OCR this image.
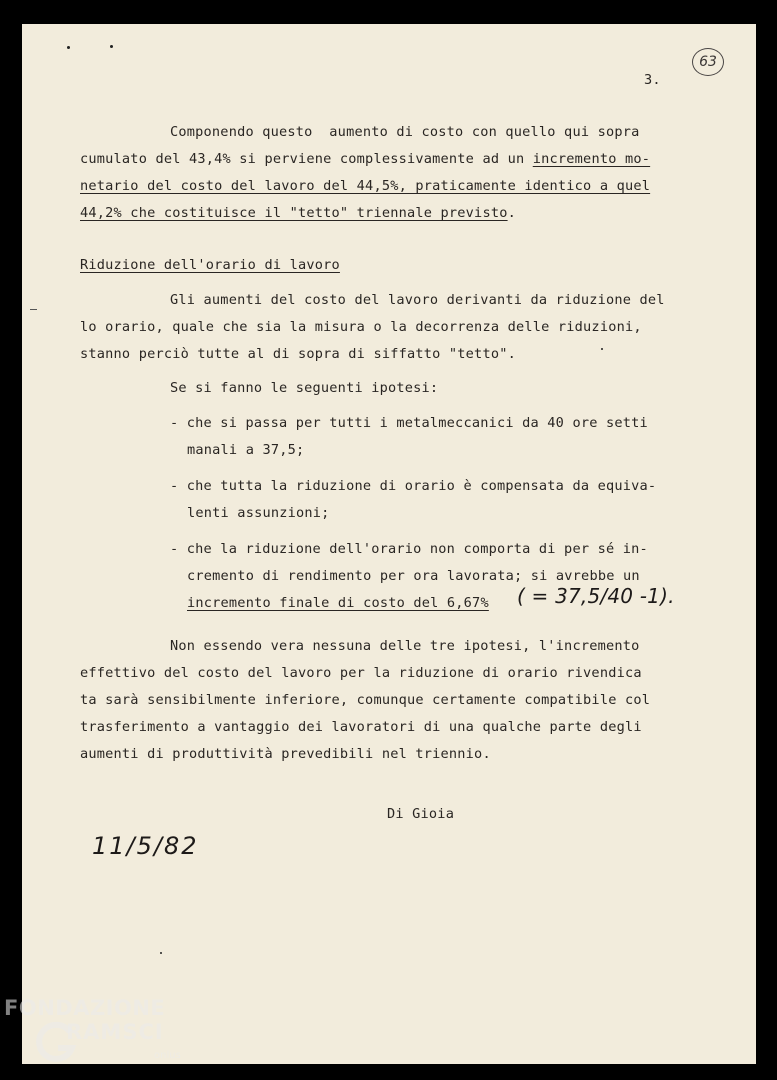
3.
63
Componendo questo  aumento di costo con quello qui sopra
cumulato del 43,4% si perviene complessivamente ad un incremento mo-
netario del costo del lavoro del 44,5%, praticamente identico a quel
44,2% che costituisce il "tetto" triennale previsto.
Riduzione dell'orario di lavoro
Gli aumenti del costo del lavoro derivanti da riduzione del
lo orario, quale che sia la misura o la decorrenza delle riduzioni,
stanno perciò tutte al di sopra di siffatto "tetto".
Se si fanno le seguenti ipotesi:
- che si passa per tutti i metalmeccanici da 40 ore setti
manali a 37,5;
- che tutta la riduzione di orario è compensata da equiva-
lenti assunzioni;
- che la riduzione dell'orario non comporta di per sé in-
cremento di rendimento per ora lavorata; si avrebbe un
incremento finale di costo del 6,67% ( = 37,5/40 -1).
Non essendo vera nessuna delle tre ipotesi, l'incremento
effettivo del costo del lavoro per la riduzione di orario rivendica
ta sarà sensibilmente inferiore, comunque certamente compatibile col
trasferimento a vantaggio dei lavoratori di una qualche parte degli
aumenti di produttività prevedibili nel triennio.
Di Gioia
11/5/82
FONDAZIONE
RAMSCI
onlus
